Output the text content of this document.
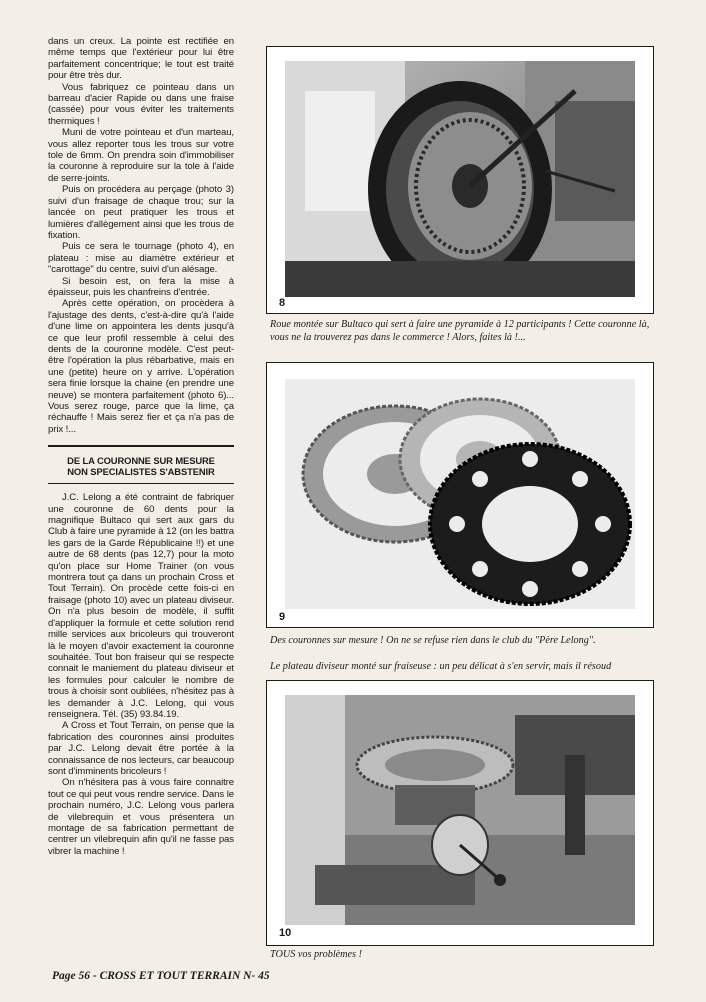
dans un creux. La pointe est rectifiée en même temps que l'extérieur pour lui être parfaitement concentrique; le tout est traité pour être très dur.

Vous fabriquez ce pointeau dans un barreau d'acier Rapide ou dans une fraise (cassée) pour vous éviter les traitements thermiques !

Muni de votre pointeau et d'un marteau, vous allez reporter tous les trous sur votre tole de 6mm. On prendra soin d'immobiliser la couronne à reproduire sur la tole à l'aide de serre-joints.

Puis on procédera au perçage (photo 3) suivi d'un fraisage de chaque trou; sur la lancée on peut pratiquer les trous et lumières d'allègement ainsi que les trous de fixation.

Puis ce sera le tournage (photo 4), en plateau : mise au diamètre extérieur et "carottage" du centre, suivi d'un alésage.

Si besoin est, on fera la mise à épaisseur, puis les chanfreins d'entrée.

Après cette opération, on procèdera à l'ajustage des dents, c'est-à-dire qu'à l'aide d'une lime on appointera les dents jusqu'à ce que leur profil ressemble à celui des dents de la couronne modèle. C'est peut-être l'opération la plus rébarbative, mais en une (petite) heure on y arrive. L'opération sera finie lorsque la chaine (en prendre une neuve) se montera parfaitement (photo 6)... Vous serez rouge, parce que la lime, ça réchauffe ! Mais serez fier et ça n'a pas de prix !...

DE LA COURONNE SUR MESURE
NON SPECIALISTES S'ABSTENIR

J.C. Lelong a été contraint de fabriquer une couronne de 60 dents pour la magnifique Bultaco qui sert aux gars du Club à faire une pyramide à 12 (on les battra les gars de la Garde Républicaine !!) et une autre de 68 dents (pas 12,7) pour la moto qu'on place sur Home Trainer (on vous montrera tout ça dans un prochain Cross et Tout Terrain). On procède cette fois-ci en fraisage (photo 10) avec un plateau diviseur. On n'a plus besoin de modèle, il suffit d'appliquer la formule et cette solution rend mille services aux bricoleurs qui trouveront là le moyen d'avoir exactement la couronne souhaitée. Tout bon fraiseur qui se respecte connait le maniement du plateau diviseur et les formules pour calculer le nombre de trous à choisir sont oubliées, n'hésitez pas à les demander à J.C. Lelong, qui vous renseignera. Tél. (35) 93.84.19.

A Cross et Tout Terrain, on pense que la fabrication des couronnes ainsi produites par J.C. Lelong devait être portée à la connaissance de nos lecteurs, car beaucoup sont d'imminents bricoleurs !

On n'hésitera pas à vous faire connaitre tout ce qui peut vous rendre service. Dans le prochain numéro, J.C. Lelong vous parlera de vilebrequin et vous présentera un montage de sa fabrication permettant de centrer un vilebrequin afin qu'il ne fasse pas vibrer la machine !

8
Roue montée sur Bultaco qui sert à faire une pyramide à 12 participants ! Cette couronne là, vous ne la trouverez pas dans le commerce ! Alors, faites là !...
9
Des couronnes sur mesure ! On ne se refuse rien dans le club du "Père Lelong".
Le plateau diviseur monté sur fraiseuse : un peu délicat à s'en servir, mais il résoud
10
TOUS vos problèmes !
Page 56 - CROSS ET TOUT TERRAIN N- 45
